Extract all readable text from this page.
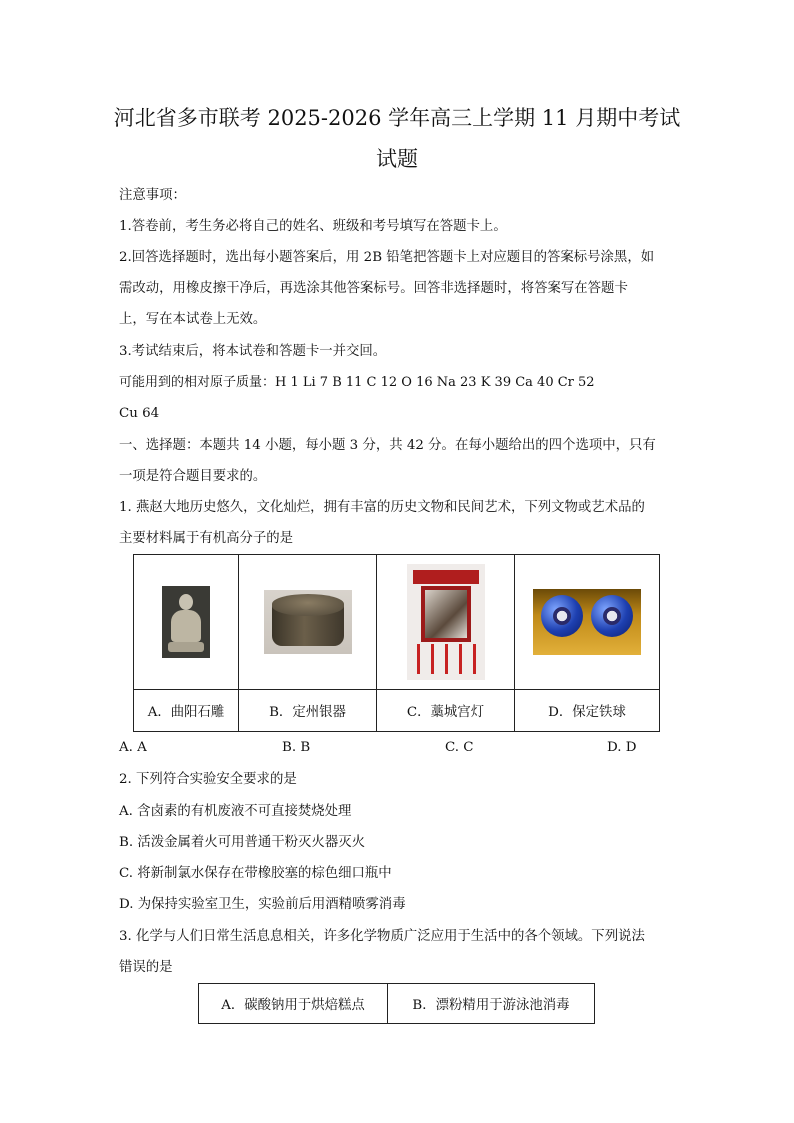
河北省多市联考 2025-2026 学年高三上学期 11 月期中考试
试题
注意事项：
1.答卷前，考生务必将自己的姓名、班级和考号填写在答题卡上。
2.回答选择题时，选出每小题答案后，用 2B 铅笔把答题卡上对应题目的答案标号涂黑，如
需改动，用橡皮擦干净后，再选涂其他答案标号。回答非选择题时，将答案写在答题卡
上，写在本试卷上无效。
3.考试结束后，将本试卷和答题卡一并交回。
可能用到的相对原子质量：H 1 Li 7 B 11 C 12 O 16 Na 23 K 39 Ca 40 Cr 52
Cu 64
一、选择题：本题共 14 小题，每小题 3 分，共 42 分。在每小题给出的四个选项中，只有
一项是符合题目要求的。
1. 燕赵大地历史悠久，文化灿烂，拥有丰富的历史文物和民间艺术，下列文物或艺术品的
主要材料属于有机高分子的是

A．曲阳石雕	B．定州银器	C．藁城宫灯	D．保定铁球
A. A	B. B	C. C	D. D
2. 下列符合实验安全要求的是
A. 含卤素的有机废液不可直接焚烧处理
B. 活泼金属着火可用普通干粉灭火器灭火
C. 将新制氯水保存在带橡胶塞的棕色细口瓶中
D. 为保持实验室卫生，实验前后用酒精喷雾消毒
3. 化学与人们日常生活息息相关，许多化学物质广泛应用于生活中的各个领域。下列说法
错误的是
A．碳酸钠用于烘焙糕点	B．漂粉精用于游泳池消毒
